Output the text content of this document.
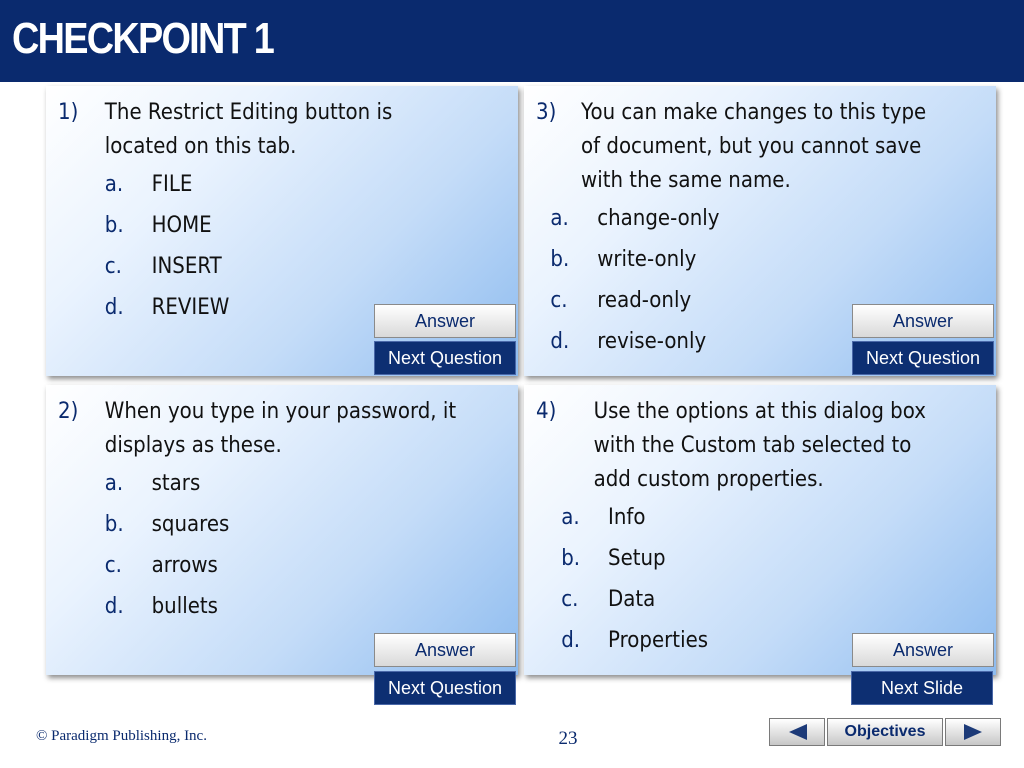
CHECKPOINT 1
1)	The Restrict Editing button is located on this tab.
a.	FILE
b.	HOME
c.	INSERT
d.	REVIEW
Answer
Next Question
3)	You can make changes to this type of document, but you cannot save with the same name.
a.	change-only
b.	write-only
c.	read-only
d.	revise-only
Answer
Next Question
2)	When you type in your password, it displays as these.
a.	stars
b.	squares
c.	arrows
d.	bullets
Answer
Next Question
4)	Use the options at this dialog box with the Custom tab selected to add custom properties.
a.	Info
b.	Setup
c.	Data
d.	Properties	Answer
Next Slide
© Paradigm Publishing, Inc.	23	Objectives
